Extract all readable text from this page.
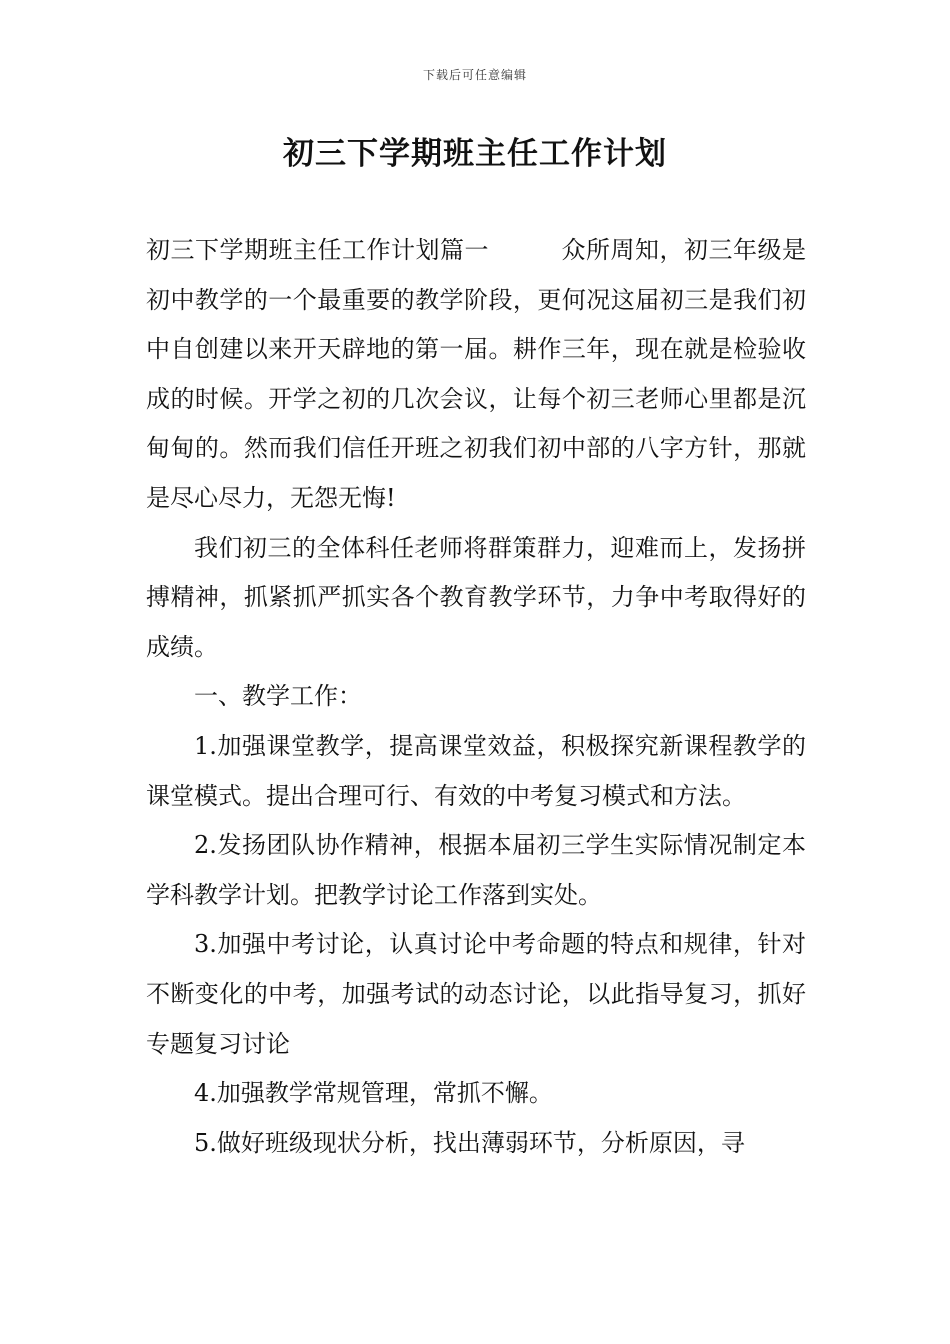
下载后可任意编辑
初三下学期班主任工作计划

初三下学期班主任工作计划篇一	众所周知，初三年级是初中教学的一个最重要的教学阶段，更何况这届初三是我们初中自创建以来开天辟地的第一届。耕作三年，现在就是检验收成的时候。开学之初的几次会议，让每个初三老师心里都是沉甸甸的。然而我们信任开班之初我们初中部的八字方针，那就是尽心尽力，无怨无悔!

我们初三的全体科任老师将群策群力，迎难而上，发扬拼搏精神，抓紧抓严抓实各个教育教学环节，力争中考取得好的成绩。

一、教学工作：

1.加强课堂教学，提高课堂效益，积极探究新课程教学的课堂模式。提出合理可行、有效的中考复习模式和方法。

2.发扬团队协作精神，根据本届初三学生实际情况制定本学科教学计划。把教学讨论工作落到实处。

3.加强中考讨论，认真讨论中考命题的特点和规律，针对不断变化的中考，加强考试的动态讨论，以此指导复习，抓好专题复习讨论

4.加强教学常规管理，常抓不懈。

5.做好班级现状分析，找出薄弱环节，分析原因，寻
